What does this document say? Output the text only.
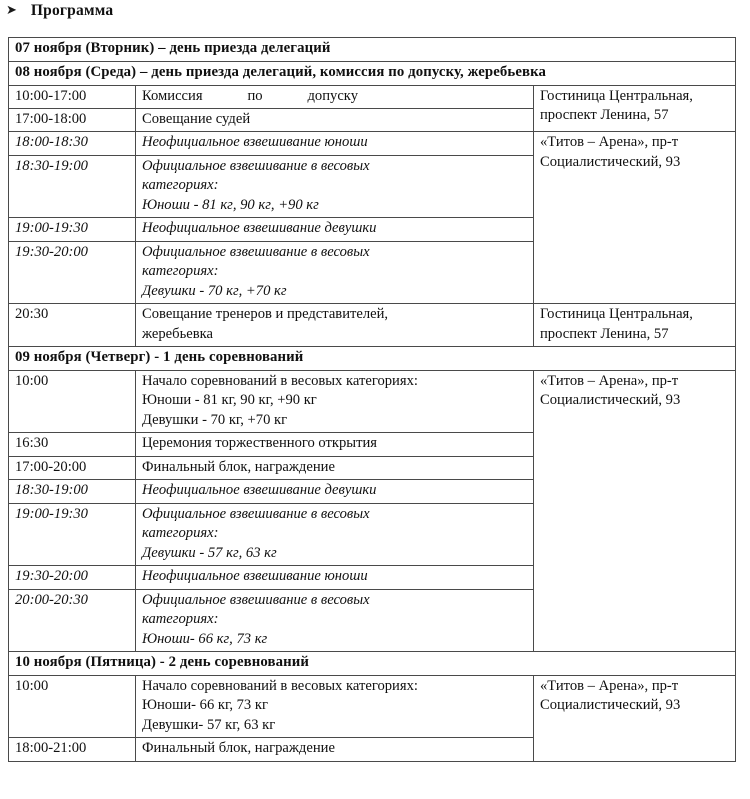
➤ Программа
07 ноября (Вторник) – день приезда делегаций		
08 ноября (Среда) – день приезда делегаций, комиссия по допуску, жеребьевка		
10:00-17:00	Комиссия по допуску	Гостиница Центральная, проспект Ленина, 57
17:00-18:00	Совещание судей	

18:00-18:30	Неофициальное взвешивание юноши	«Титов – Арена», пр-т Социалистический, 93
18:30-19:00	Официальное взвешивание в весовых
категориях:
Юноши - 81 кг, 90 кг, +90 кг	

19:00-19:30	Неофициальное взвешивание девушки	

19:30-20:00	Официальное взвешивание в весовых
категориях:
Девушки - 70 кг, +70 кг	

20:30	Совещание тренеров и представителей,
жеребьевка	Гостиница Центральная, проспект Ленина, 57
09 ноября (Четверг) - 1 день соревнований		
10:00	Начало соревнований в весовых категориях:
Юноши - 81 кг, 90 кг, +90 кг
Девушки - 70 кг, +70 кг	«Титов – Арена», пр-т Социалистический, 93
16:30	Церемония торжественного открытия	

17:00-20:00	Финальный блок, награждение	

18:30-19:00	Неофициальное взвешивание девушки	

19:00-19:30	Официальное взвешивание в весовых
категориях:
Девушки - 57 кг, 63 кг	

19:30-20:00	Неофициальное взвешивание юноши	

20:00-20:30	Официальное взвешивание в весовых
категориях:
Юноши- 66 кг, 73 кг	

10 ноября (Пятница) - 2 день соревнований		
10:00	Начало соревнований в весовых категориях:
Юноши- 66 кг, 73 кг
Девушки- 57 кг, 63 кг	«Титов – Арена», пр-т Социалистический, 93
18:00-21:00	Финальный блок, награждение	
